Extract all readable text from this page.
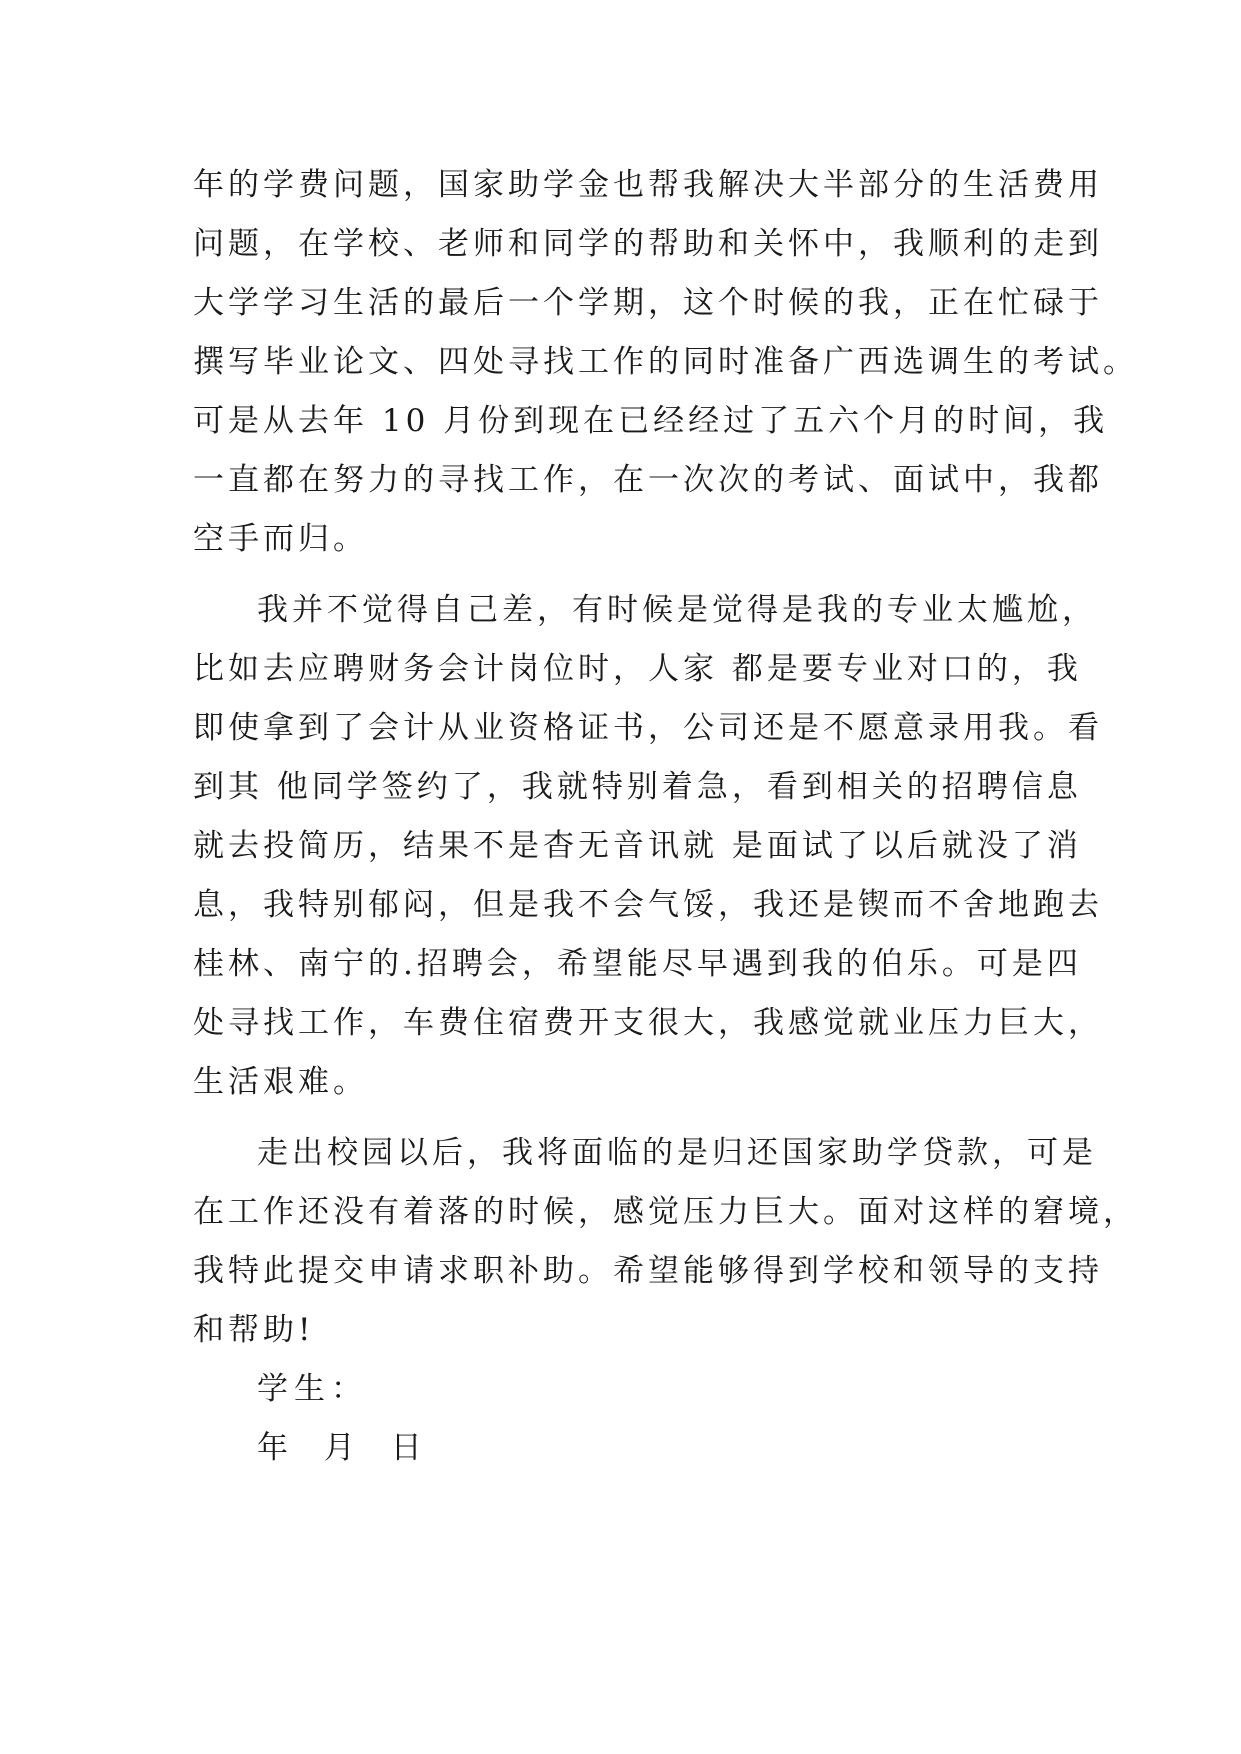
年的学费问题，国家助学金也帮我解决大半部分的生活费用
问题，在学校、老师和同学的帮助和关怀中，我顺利的走到
大学学习生活的最后一个学期，这个时候的我，正在忙碌于
撰写毕业论文、四处寻找工作的同时准备广西选调生的考试。
可是从去年 10 月份到现在已经经过了五六个月的时间，我
一直都在努力的寻找工作，在一次次的考试、面试中，我都
空手而归。
我并不觉得自己差，有时候是觉得是我的专业太尴尬，
比如去应聘财务会计岗位时，人家 都是要专业对口的，我
即使拿到了会计从业资格证书，公司还是不愿意录用我。看
到其 他同学签约了，我就特别着急，看到相关的招聘信息
就去投简历，结果不是杳无音讯就 是面试了以后就没了消
息，我特别郁闷，但是我不会气馁，我还是锲而不舍地跑去
桂林、南宁的.招聘会，希望能尽早遇到我的伯乐。可是四
处寻找工作，车费住宿费开支很大，我感觉就业压力巨大，
生活艰难。
走出校园以后，我将面临的是归还国家助学贷款，可是
在工作还没有着落的时候，感觉压力巨大。面对这样的窘境，
我特此提交申请求职补助。希望能够得到学校和领导的支持
和帮助!
学生：
年 月 日
